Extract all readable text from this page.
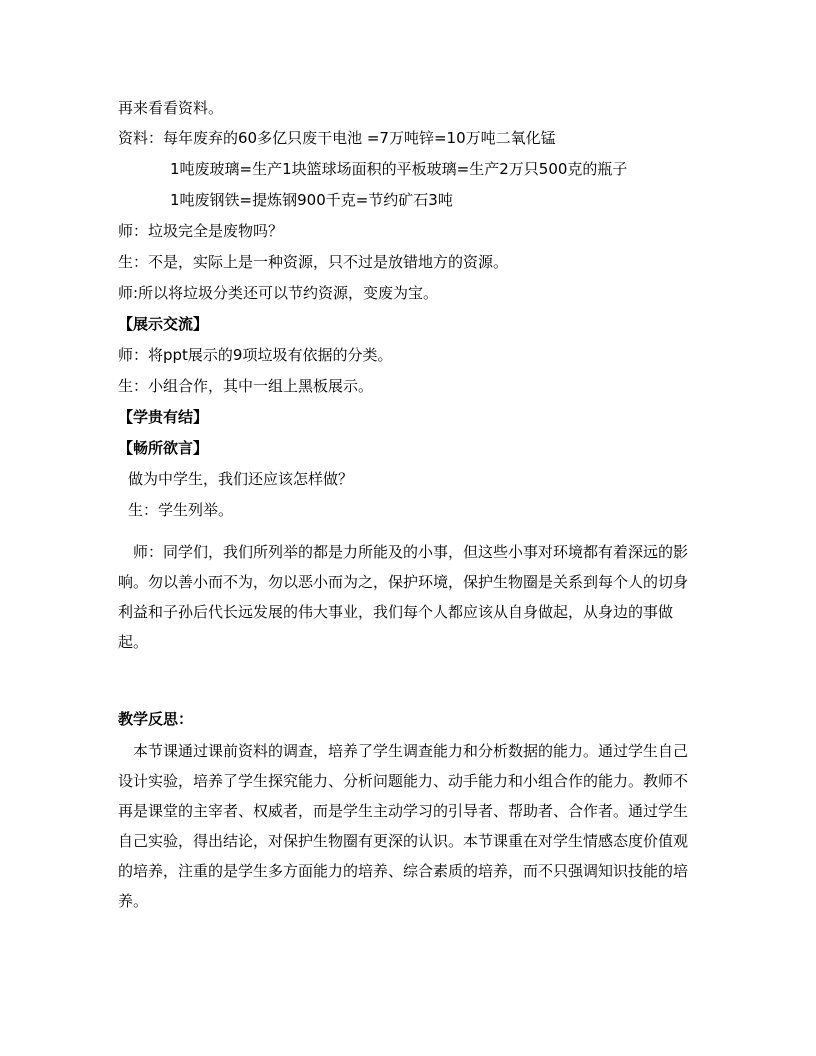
再来看看资料。
资料：每年废弃的60多亿只废干电池 =7万吨锌=10万吨二氧化锰
1吨废玻璃=生产1块篮球场面积的平板玻璃=生产2万只500克的瓶子
1吨废钢铁=提炼钢900千克=节约矿石3吨
师：垃圾完全是废物吗？
生：不是，实际上是一种资源，只不过是放错地方的资源。
师:所以将垃圾分类还可以节约资源，变废为宝。
【展示交流】
师：将ppt展示的9项垃圾有依据的分类。
生：小组合作，其中一组上黑板展示。
【学贵有结】
【畅所欲言】
做为中学生，我们还应该怎样做？
生：学生列举。

师：同学们，我们所列举的都是力所能及的小事，但这些小事对环境都有着深远的影响。勿以善小而不为，勿以恶小而为之，保护环境，保护生物圈是关系到每个人的切身利益和子孙后代长远发展的伟大事业，我们每个人都应该从自身做起，从身边的事做起。

教学反思：

本节课通过课前资料的调查，培养了学生调查能力和分析数据的能力。通过学生自己设计实验，培养了学生探究能力、分析问题能力、动手能力和小组合作的能力。教师不再是课堂的主宰者、权威者，而是学生主动学习的引导者、帮助者、合作者。通过学生自己实验，得出结论，对保护生物圈有更深的认识。本节课重在对学生情感态度价值观的培养，注重的是学生多方面能力的培养、综合素质的培养，而不只强调知识技能的培养。
